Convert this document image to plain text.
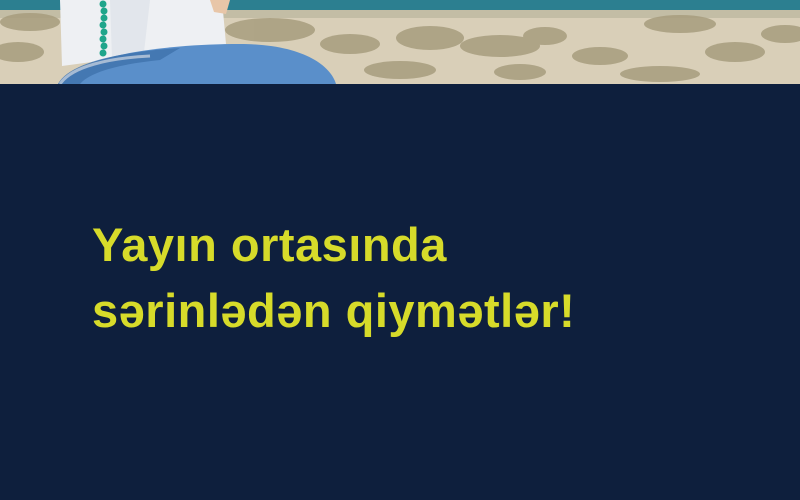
Yayın ortasında
sərinlədən qiymətlər!
